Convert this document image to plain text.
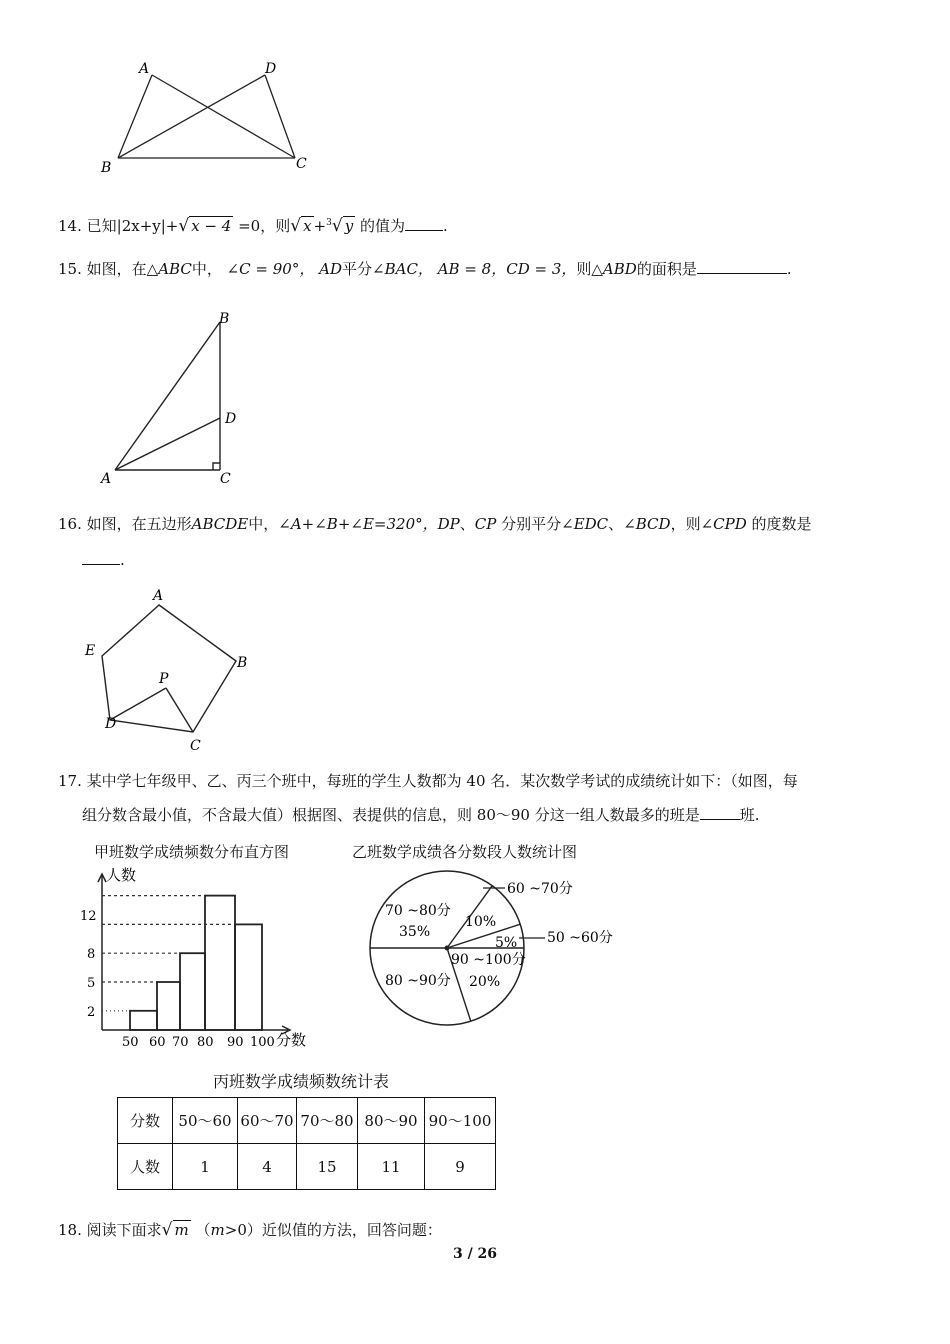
A	D
B	C
14. 已知|2x+y|+√ x − 4 =0，则√ x +$^3$√ y 的值为	.
15. 如图，在△ABC中， ∠C = 90°， AD平分∠BAC， AB = 8，CD = 3，则△ABD的面积是	.
B
D
A	C
16. 如图，在五边形ABCDE中，∠A+∠B+∠E=320°，DP、CP 分别平分∠EDC、∠BCD，则∠CPD 的度数是
.
A
B
C
D
E
P
17. 某中学七年级甲、乙、丙三个班中，每班的学生人数都为 40 名．某次数学考试的成绩统计如下：（如图，每
组分数含最小值，不含最大值）根据图、表提供的信息，则 80～90 分这一组人数最多的班是	班.
甲班数学成绩频数分布直方图
人数
分数
50 60 70 80 90 100
2
5
8
12
乙班数学成绩各分数段人数统计图
70 ~80分
35%
60 ~70分
10%
50 ~60分
5%
90 ~100分
80 ~90分 20%
丙班数学成绩频数统计表
分数	50～60	60～70	70～80	80～90	90～100
人数	1	4	15	11	9
18. 阅读下面求√ m （m>0）近似值的方法，回答问题：
3 / 26
